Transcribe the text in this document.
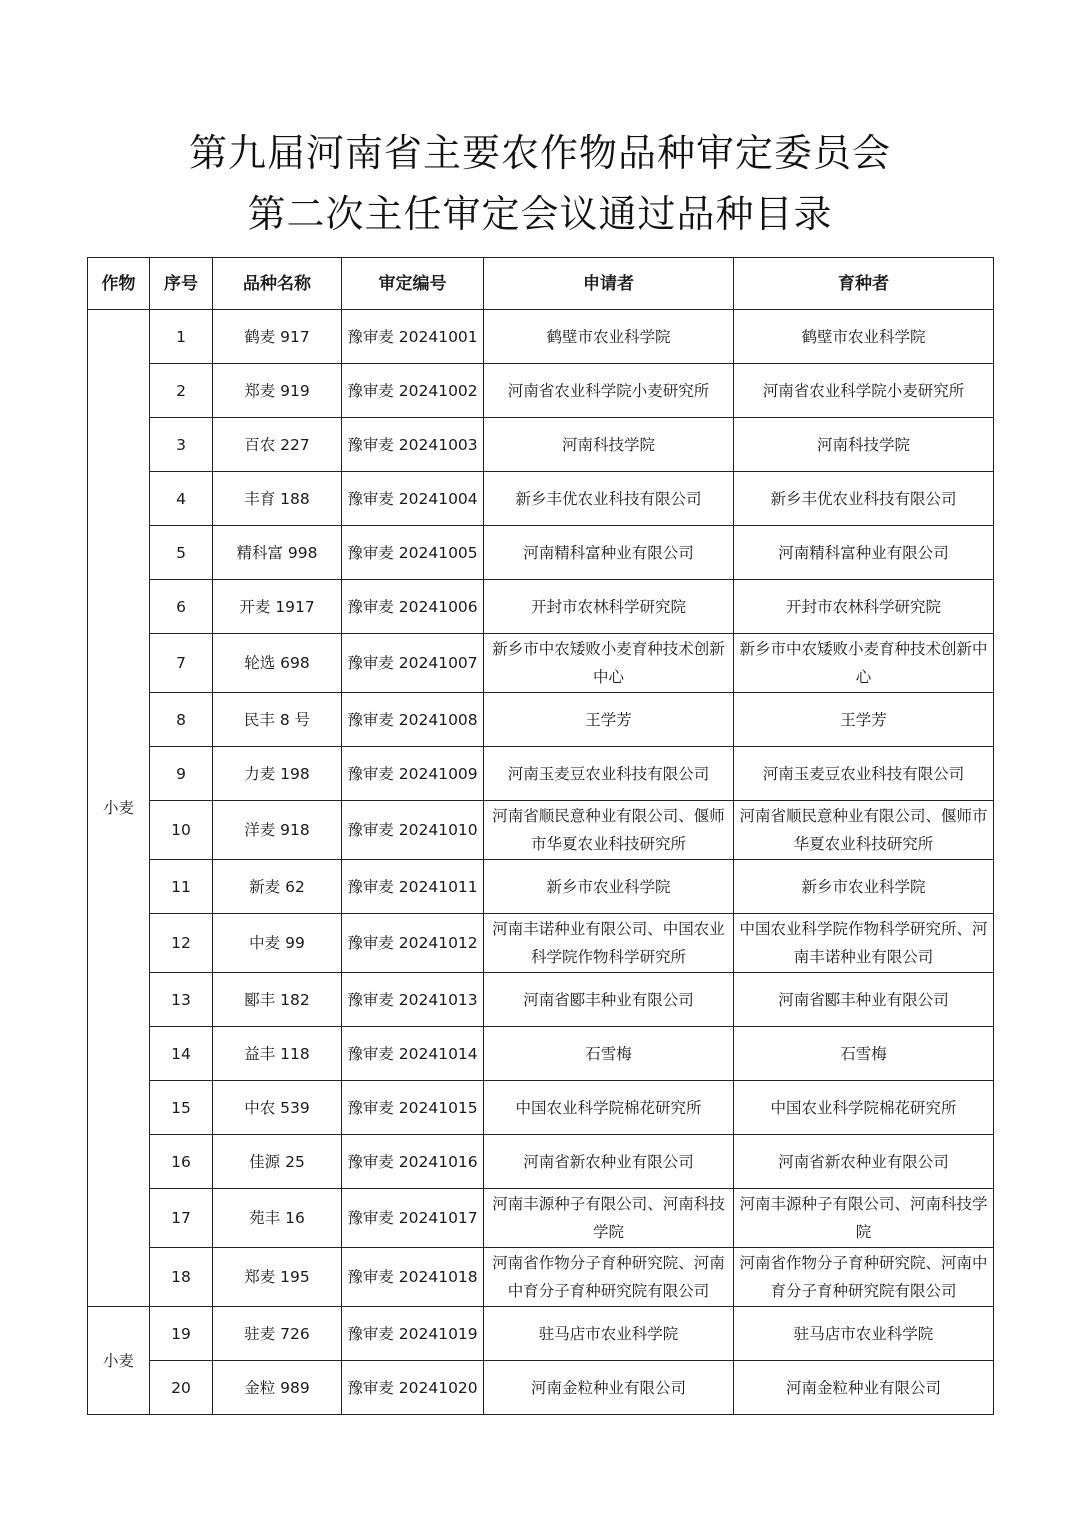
第九届河南省主要农作物品种审定委员会
第二次主任审定会议通过品种目录
作物	序号	品种名称	审定编号	申请者	育种者
小麦	1	鹤麦 917	豫审麦 20241001	鹤壁市农业科学院	鹤壁市农业科学院
	2	郑麦 919	豫审麦 20241002	河南省农业科学院小麦研究所	河南省农业科学院小麦研究所
	3	百农 227	豫审麦 20241003	河南科技学院	河南科技学院
	4	丰育 188	豫审麦 20241004	新乡丰优农业科技有限公司	新乡丰优农业科技有限公司
	5	精科富 998	豫审麦 20241005	河南精科富种业有限公司	河南精科富种业有限公司
	6	开麦 1917	豫审麦 20241006	开封市农林科学研究院	开封市农林科学研究院
	7	轮选 698	豫审麦 20241007	新乡市中农矮败小麦育种技术创新中心	新乡市中农矮败小麦育种技术创新中心
	8	民丰 8 号	豫审麦 20241008	王学芳	王学芳
	9	力麦 198	豫审麦 20241009	河南玉麦豆农业科技有限公司	河南玉麦豆农业科技有限公司
	10	洋麦 918	豫审麦 20241010	河南省顺民意种业有限公司、偃师市华夏农业科技研究所	河南省顺民意种业有限公司、偃师市华夏农业科技研究所
	11	新麦 62	豫审麦 20241011	新乡市农业科学院	新乡市农业科学院
	12	中麦 99	豫审麦 20241012	河南丰诺种业有限公司、中国农业科学院作物科学研究所	中国农业科学院作物科学研究所、河南丰诺种业有限公司
	13	郾丰 182	豫审麦 20241013	河南省郾丰种业有限公司	河南省郾丰种业有限公司
	14	益丰 118	豫审麦 20241014	石雪梅	石雪梅
	15	中农 539	豫审麦 20241015	中国农业科学院棉花研究所	中国农业科学院棉花研究所
	16	佳源 25	豫审麦 20241016	河南省新农种业有限公司	河南省新农种业有限公司
	17	苑丰 16	豫审麦 20241017	河南丰源种子有限公司、河南科技学院	河南丰源种子有限公司、河南科技学院
	18	郑麦 195	豫审麦 20241018	河南省作物分子育种研究院、河南中育分子育种研究院有限公司	河南省作物分子育种研究院、河南中育分子育种研究院有限公司
小麦	19	驻麦 726	豫审麦 20241019	驻马店市农业科学院	驻马店市农业科学院
	20	金粒 989	豫审麦 20241020	河南金粒种业有限公司	河南金粒种业有限公司
